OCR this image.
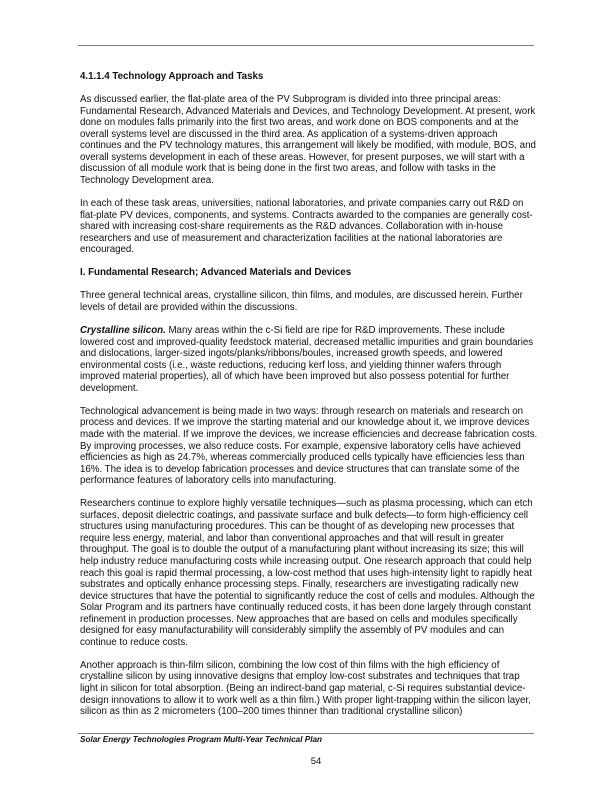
4.1.1.4 Technology Approach and Tasks

As discussed earlier, the flat-plate area of the PV Subprogram is divided into three principal areas: Fundamental Research, Advanced Materials and Devices, and Technology Development. At present, work done on modules falls primarily into the first two areas, and work done on BOS components and at the overall systems level are discussed in the third area. As application of a systems-driven approach continues and the PV technology matures, this arrangement will likely be modified, with module, BOS, and overall systems development in each of these areas. However, for present purposes, we will start with a discussion of all module work that is being done in the first two areas, and follow with tasks in the Technology Development area.

In each of these task areas, universities, national laboratories, and private companies carry out R&D on flat-plate PV devices, components, and systems. Contracts awarded to the companies are generally cost-shared with increasing cost-share requirements as the R&D advances. Collaboration with in-house researchers and use of measurement and characterization facilities at the national laboratories are encouraged.

I. Fundamental Research; Advanced Materials and Devices

Three general technical areas, crystalline silicon, thin films, and modules, are discussed herein. Further levels of detail are provided within the discussions.

Crystalline silicon. Many areas within the c-Si field are ripe for R&D improvements. These include lowered cost and improved-quality feedstock material, decreased metallic impurities and grain boundaries and dislocations, larger-sized ingots/planks/ribbons/boules, increased growth speeds, and lowered environmental costs (i.e., waste reductions, reducing kerf loss, and yielding thinner wafers through improved material properties), all of which have been improved but also possess potential for further development.

Technological advancement is being made in two ways: through research on materials and research on process and devices. If we improve the starting material and our knowledge about it, we improve devices made with the material. If we improve the devices, we increase efficiencies and decrease fabrication costs. By improving processes, we also reduce costs. For example, expensive laboratory cells have achieved efficiencies as high as 24.7%, whereas commercially produced cells typically have efficiencies less than 16%. The idea is to develop fabrication processes and device structures that can translate some of the performance features of laboratory cells into manufacturing.

Researchers continue to explore highly versatile techniques—such as plasma processing, which can etch surfaces, deposit dielectric coatings, and passivate surface and bulk defects—to form high-efficiency cell structures using manufacturing procedures. This can be thought of as developing new processes that require less energy, material, and labor than conventional approaches and that will result in greater throughput. The goal is to double the output of a manufacturing plant without increasing its size; this will help industry reduce manufacturing costs while increasing output. One research approach that could help reach this goal is rapid thermal processing, a low-cost method that uses high-intensity light to rapidly heat substrates and optically enhance processing steps. Finally, researchers are investigating radically new device structures that have the potential to significantly reduce the cost of cells and modules. Although the Solar Program and its partners have continually reduced costs, it has been done largely through constant refinement in production processes. New approaches that are based on cells and modules specifically designed for easy manufacturability will considerably simplify the assembly of PV modules and can continue to reduce costs.

Another approach is thin-film silicon, combining the low cost of thin films with the high efficiency of crystalline silicon by using innovative designs that employ low-cost substrates and techniques that trap light in silicon for total absorption. (Being an indirect-band gap material, c-Si requires substantial device-design innovations to allow it to work well as a thin film.) With proper light-trapping within the silicon layer, silicon as thin as 2 micrometers (100–200 times thinner than traditional crystalline silicon)

Solar Energy Technologies Program Multi-Year Technical Plan
54
